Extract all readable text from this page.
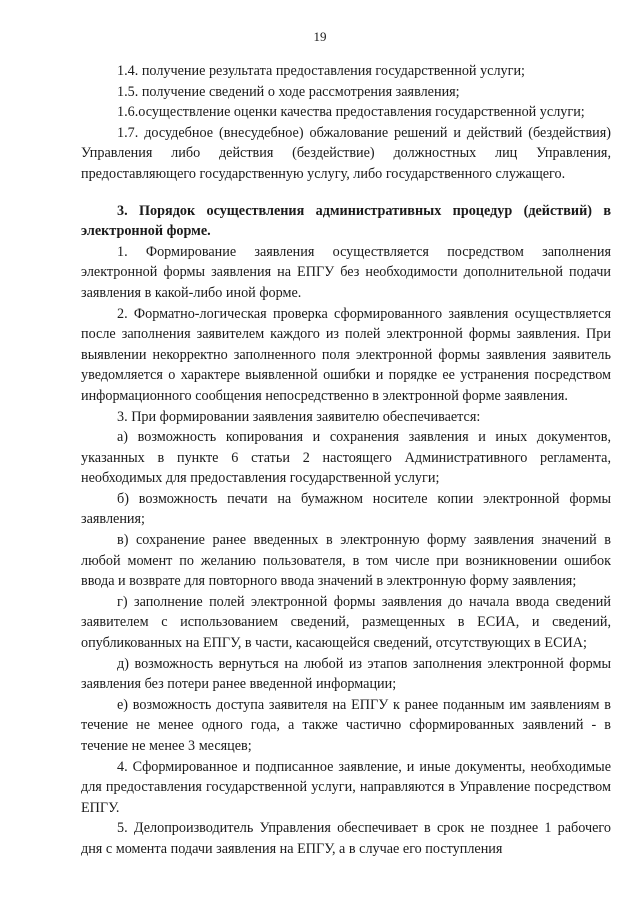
19

1.4. получение результата предоставления государственной услуги;

1.5. получение сведений о ходе рассмотрения заявления;

1.6.осуществление оценки качества предоставления государственной услуги;

1.7. досудебное (внесудебное) обжалование решений и действий (бездействия) Управления либо действия (бездействие) должностных лиц Управления, предоставляющего государственную услугу, либо государственного служащего.

3. Порядок осуществления административных процедур (действий) в электронной форме.

1. Формирование заявления осуществляется посредством заполнения электронной формы заявления на ЕПГУ без необходимости дополнительной подачи заявления в какой-либо иной форме.

2. Форматно-логическая проверка сформированного заявления осуществляется после заполнения заявителем каждого из полей электронной формы заявления. При выявлении некорректно заполненного поля электронной формы заявления заявитель уведомляется о характере выявленной ошибки и порядке ее устранения посредством информационного сообщения непосредственно в электронной форме заявления.

3. При формировании заявления заявителю обеспечивается:

а) возможность копирования и сохранения заявления и иных документов, указанных в пункте 6 статьи 2 настоящего Административного регламента, необходимых для предоставления государственной услуги;

б) возможность печати на бумажном носителе копии электронной формы заявления;

в) сохранение ранее введенных в электронную форму заявления значений в любой момент по желанию пользователя, в том числе при возникновении ошибок ввода и возврате для повторного ввода значений в электронную форму заявления;

г) заполнение полей электронной формы заявления до начала ввода сведений заявителем с использованием сведений, размещенных в ЕСИА, и сведений, опубликованных на ЕПГУ, в части, касающейся сведений, отсутствующих в ЕСИА;

д) возможность вернуться на любой из этапов заполнения электронной формы заявления без потери ранее введенной информации;

е) возможность доступа заявителя на ЕПГУ к ранее поданным им заявлениям в течение не менее одного года, а также частично сформированных заявлений - в течение не менее 3 месяцев;

4. Сформированное и подписанное заявление, и иные документы, необходимые для предоставления государственной услуги, направляются в Управление посредством ЕПГУ.

5. Делопроизводитель Управления обеспечивает в срок не позднее 1 рабочего дня с момента подачи заявления на ЕПГУ, а в случае его поступления
